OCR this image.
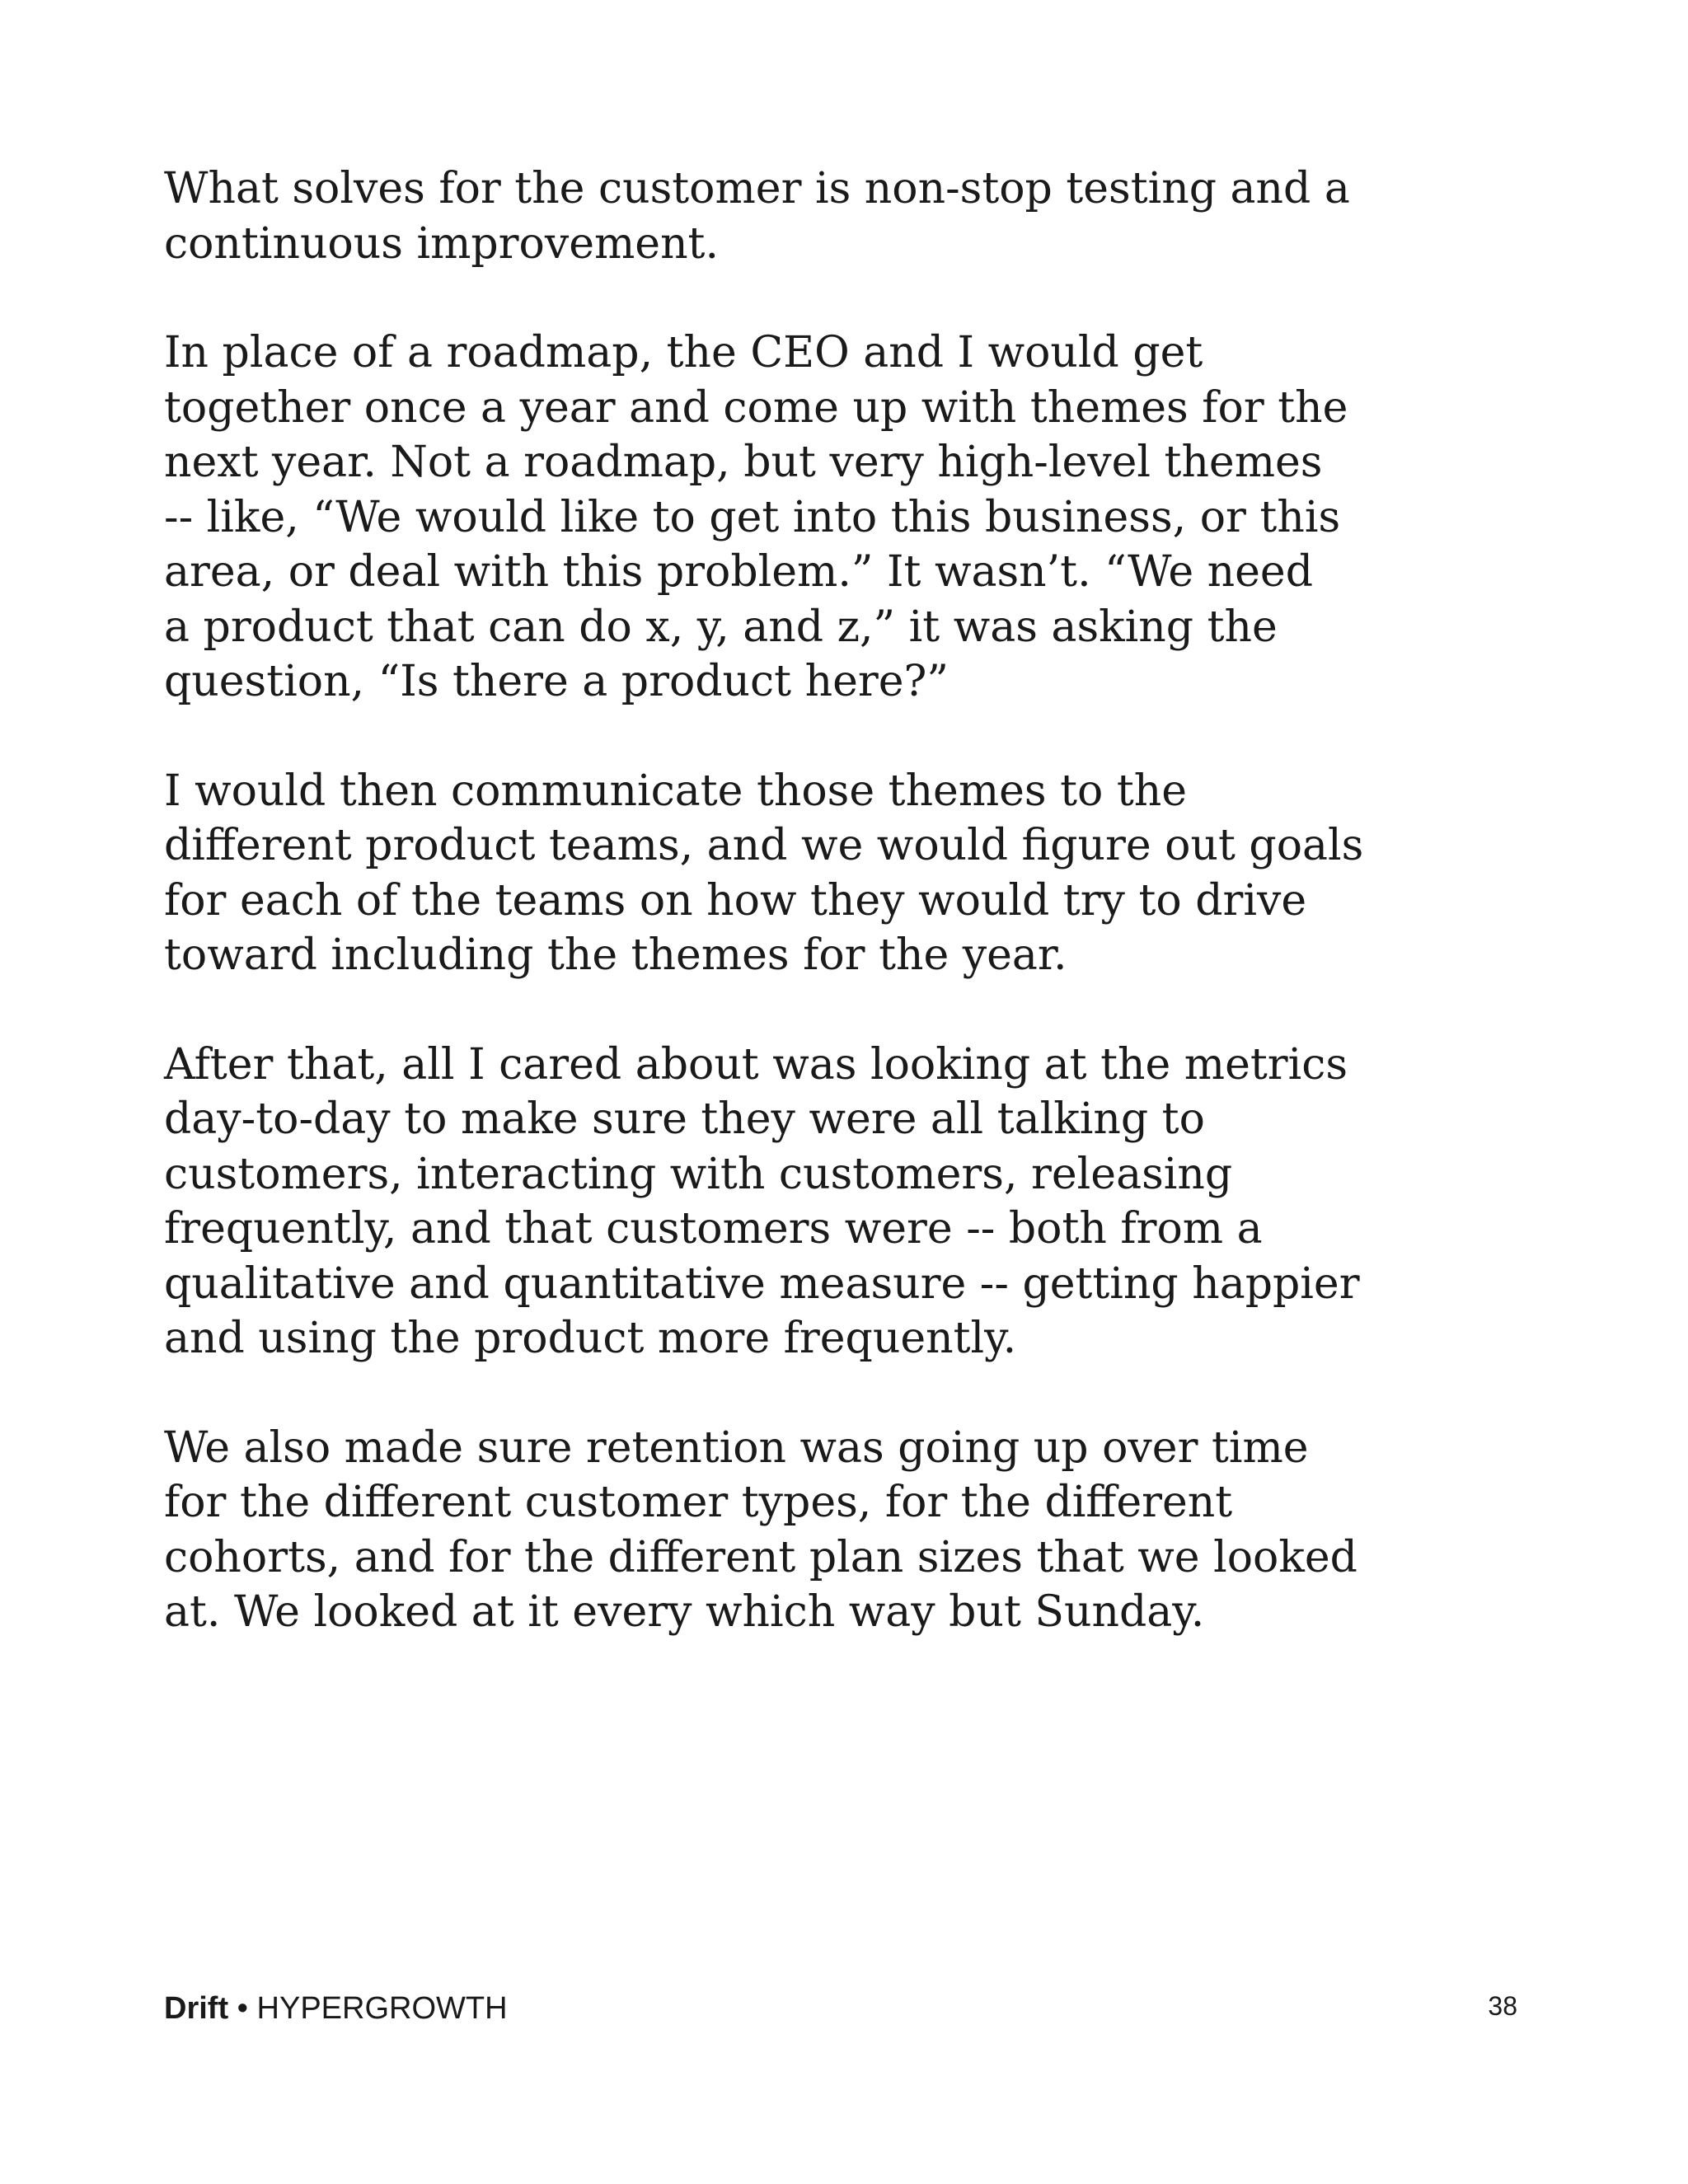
What solves for the customer is non-stop testing and a
continuous improvement.

In place of a roadmap, the CEO and I would get
together once a year and come up with themes for the
next year. Not a roadmap, but very high-level themes
-- like, “We would like to get into this business, or this
area, or deal with this problem.” It wasn’t. “We need
a product that can do x, y, and z,” it was asking the
question, “Is there a product here?”

I would then communicate those themes to the
different product teams, and we would figure out goals
for each of the teams on how they would try to drive
toward including the themes for the year.

After that, all I cared about was looking at the metrics
day-to-day to make sure they were all talking to
customers, interacting with customers, releasing
frequently, and that customers were -- both from a
qualitative and quantitative measure -- getting happier
and using the product more frequently.

We also made sure retention was going up over time
for the different customer types, for the different
cohorts, and for the different plan sizes that we looked
at. We looked at it every which way but Sunday.

Drift • HYPERGROWTH	38
